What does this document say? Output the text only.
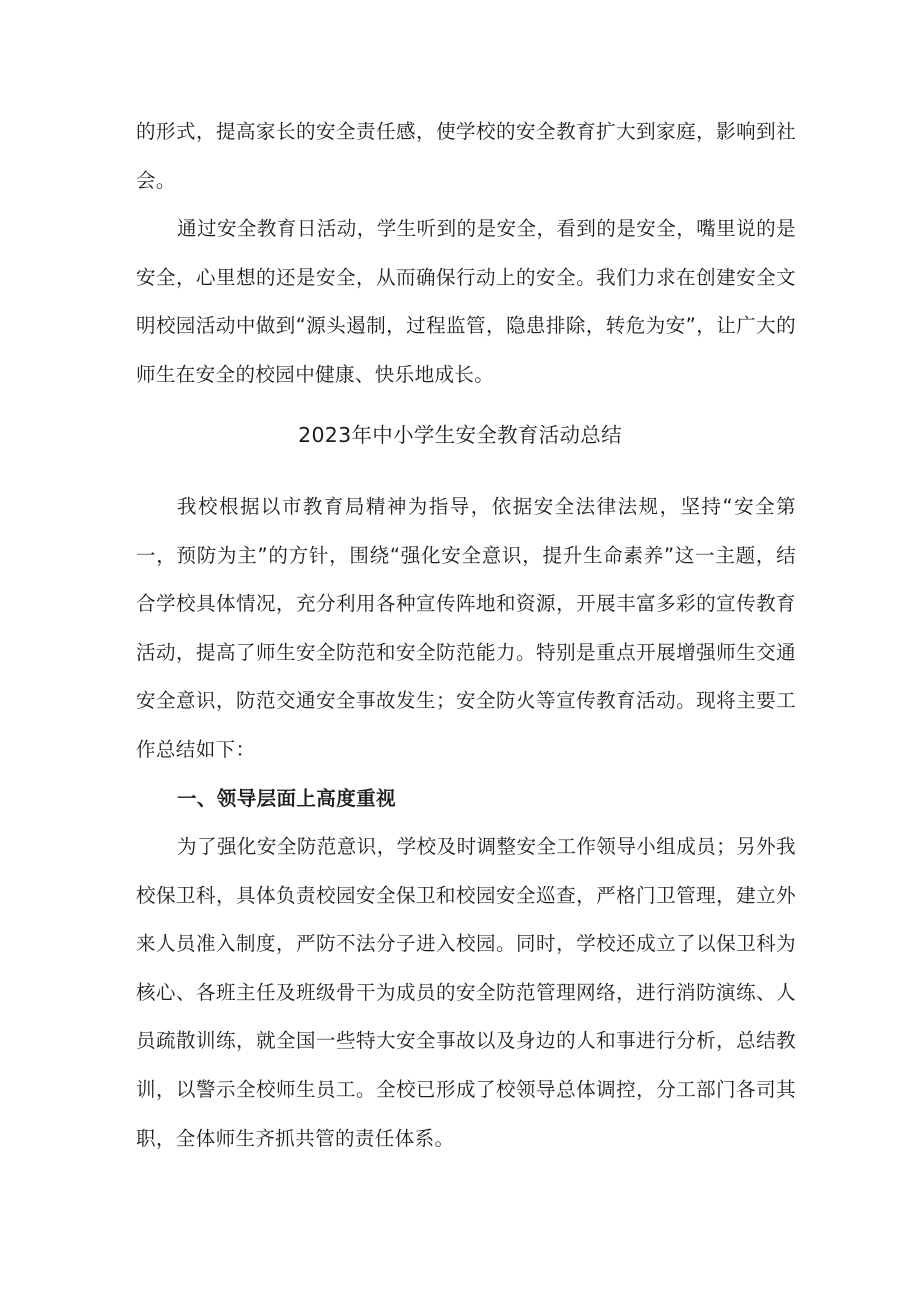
的形式，提高家长的安全责任感，使学校的安全教育扩大到家庭，影响到社会。

通过安全教育日活动，学生听到的是安全，看到的是安全，嘴里说的是安全，心里想的还是安全，从而确保行动上的安全。我们力求在创建安全文明校园活动中做到“源头遏制，过程监管，隐患排除，转危为安”，让广大的师生在安全的校园中健康、快乐地成长。

2023年中小学生安全教育活动总结

我校根据以市教育局精神为指导，依据安全法律法规，坚持“安全第一，预防为主”的方针，围绕“强化安全意识，提升生命素养”这一主题，结合学校具体情况，充分利用各种宣传阵地和资源，开展丰富多彩的宣传教育活动，提高了师生安全防范和安全防范能力。特别是重点开展增强师生交通安全意识，防范交通安全事故发生；安全防火等宣传教育活动。现将主要工作总结如下：

一、领导层面上高度重视

为了强化安全防范意识，学校及时调整安全工作领导小组成员；另外我校保卫科，具体负责校园安全保卫和校园安全巡查，严格门卫管理，建立外来人员准入制度，严防不法分子进入校园。同时，学校还成立了以保卫科为核心、各班主任及班级骨干为成员的安全防范管理网络，进行消防演练、人员疏散训练，就全国一些特大安全事故以及身边的人和事进行分析，总结教训，以警示全校师生员工。全校已形成了校领导总体调控，分工部门各司其职，全体师生齐抓共管的责任体系。
